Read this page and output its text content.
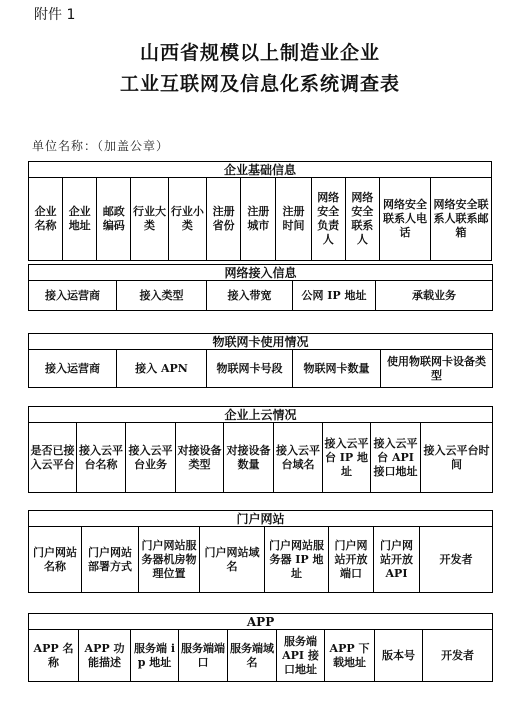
附件 1
山西省规模以上制造业企业
工业互联网及信息化系统调查表
单位名称：（加盖公章）
企业基础信息
企业名称	企业地址	邮政编码	行业大类	行业小类	注册省份	注册城市	注册时间	网络安全负责人	网络安全联系人	网络安全联系人电话	网络安全联系人联系邮箱
网络接入信息
接入运营商	接入类型	接入带宽	公网 IP 地址	承载业务
物联网卡使用情况
接入运营商	接入 APN	物联网卡号段	物联网卡数量	使用物联网卡设备类型
企业上云情况
是否已接入云平台	接入云平台名称	接入云平台业务	对接设备类型	对接设备数量	接入云平台域名	接入云平台 IP 地址	接入云平台 API 接口地址	接入云平台时间
门户网站
门户网站名称	门户网站部署方式	门户网站服务器机房物理位置	门户网站域名	门户网站服务器 IP 地址	门户网站开放端口	门户网站开放 API	开发者
APP
APP 名称	APP 功能描述	服务端 ip 地址	服务端端口	服务端域名	服务端 API 接口地址	APP 下载地址	版本号	开发者
